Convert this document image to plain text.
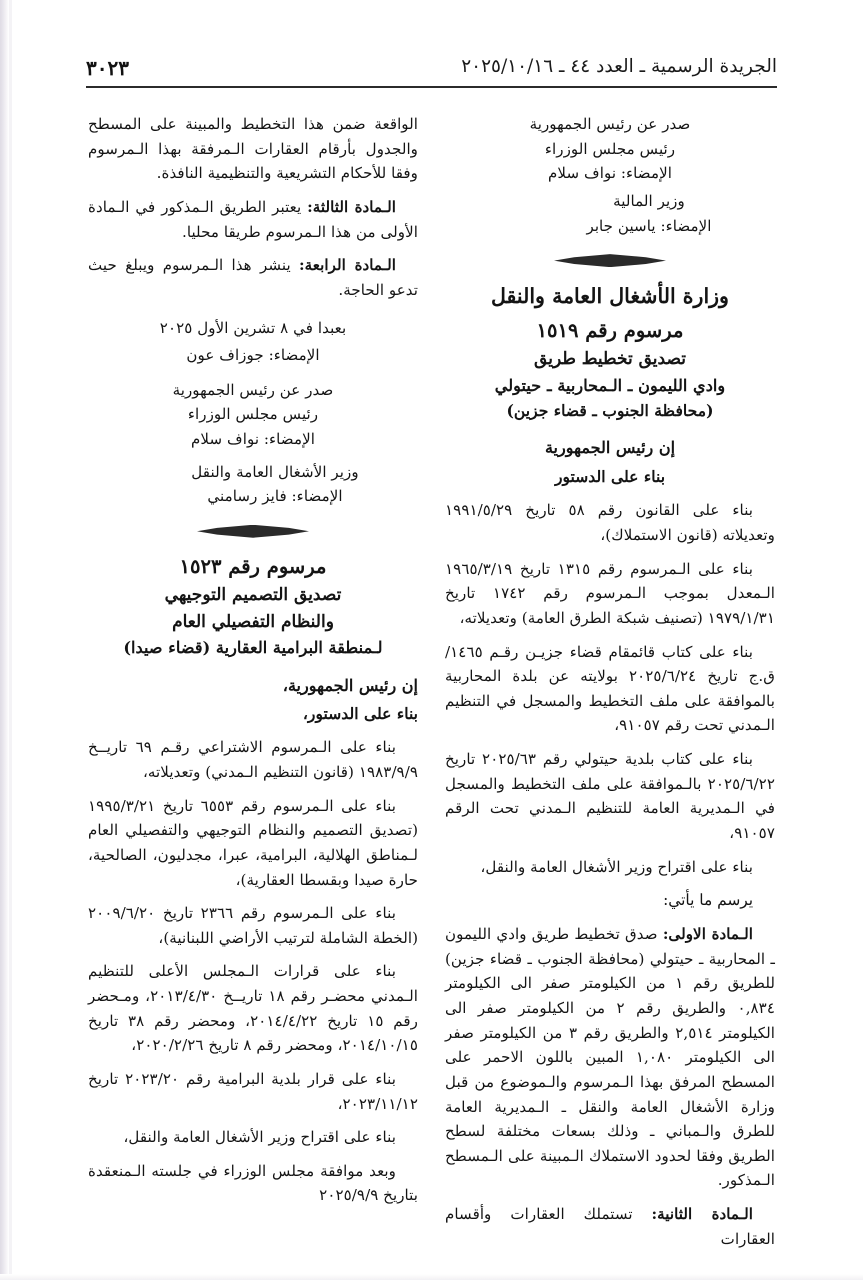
الجريدة الرسمية ـ العدد ٤٤ ـ ٢٠٢٥/١٠/١٦
٣٠٢٣

صدر عن رئيس الجمهورية

رئيس مجلس الوزراء

الإمضاء: نواف سلام

وزير المالية

الإمضاء: ياسين جابر

وزارة الأشغال العامة والنقل
مرسوم رقم ١٥١٩
تصديق تخطيط طريق
وادي الليمون ـ الـمحاربية ـ حيتولي
(محافظة الجنوب ـ قضاء جزين)
إن رئيس الجمهورية
بناء على الدستور

بناء على القانون رقم ٥٨ تاريخ ١٩٩١/٥/٢٩ وتعديلاته (قانون الاستملاك)،

بناء على الـمرسوم رقم ١٣١٥ تاريخ ١٩٦٥/٣/١٩ الـمعدل بموجب الـمرسوم رقم ١٧٤٢ تاريخ ١٩٧٩/١/٣١ (تصنيف شبكة الطرق العامة) وتعديلاته،

بناء على كتاب قائمقام قضاء جزيـن رقـم ١٤٦٥/ق.ج تاريخ ٢٠٢٥/٦/٢٤ بولايته عن بلدة المحاربية بالموافقة على ملف التخطيط والمسجل في التنظيم الـمدني تحت رقم ٩١٠٥٧،

بناء على كتاب بلدية حيتولي رقم ٢٠٢٥/٦٣ تاريخ ٢٠٢٥/٦/٢٢ بالـموافقة على ملف التخطيط والمسجل في الـمديرية العامة للتنظيم الـمدني تحت الرقم ٩١٠٥٧،

بناء على اقتراح وزير الأشغال العامة والنقل،

يرسم ما يأتي:

الـمادة الاولى: صدق تخطيط طريق وادي الليمون ـ المحاربية ـ حيتولي (محافظة الجنوب ـ قضاء جزين) للطريق رقم ١ من الكيلومتر صفر الى الكيلومتر ٠,٨٣٤ والطريق رقم ٢ من الكيلومتر صفر الى الكيلومتر ٢,٥١٤ والطريق رقم ٣ من الكيلومتر صفر الى الكيلومتر ١,٠٨٠ المبين باللون الاحمر على المسطح المرفق بهذا الـمرسوم والـموضوع من قبل وزارة الأشغال العامة والنقل ـ الـمديرية العامة للطرق والـمباني ـ وذلك بسعات مختلفة لسطح الطريق وفقا لحدود الاستملاك الـمبينة على الـمسطح الـمذكور.

الـمادة الثانية: تستملك العقارات وأقسام العقارات

الواقعة ضمن هذا التخطيط والمبينة على المسطح والجدول بأرقام العقارات الـمرفقة بهذا الـمرسوم وفقا للأحكام التشريعية والتنظيمية النافذة.

الـمادة الثالثة: يعتبر الطريق الـمذكور في الـمادة الأولى من هذا الـمرسوم طريقا محليا.

الـمادة الرابعة: ينشر هذا الـمرسوم ويبلغ حيث تدعو الحاجة.

بعبدا في ٨ تشرين الأول ٢٠٢٥

الإمضاء: جوزاف عون

صدر عن رئيس الجمهورية

رئيس مجلس الوزراء

الإمضاء: نواف سلام

وزير الأشغال العامة والنقل

الإمضاء: فايز رسامني

مرسوم رقم ١٥٢٣
تصديق التصميم التوجيهي
والنظام التفصيلي العام
لـمنطقة البرامية العقارية (قضاء صيدا)
إن رئيس الجمهورية،
بناء على الدستور،

بناء على الـمرسوم الاشتراعي رقـم ٦٩ تاريــخ ١٩٨٣/٩/٩ (قانون التنظيم الـمدني) وتعديلاته،

بناء على الـمرسوم رقم ٦٥٥٣ تاريخ ١٩٩٥/٣/٢١ (تصديق التصميم والنظام التوجيهي والتفصيلي العام لـمناطق الهلالية، البرامية، عبرا، مجدليون، الصالحية، حارة صيدا وبقسطا العقارية)،

بناء على الـمرسوم رقم ٢٣٦٦ تاريخ ٢٠٠٩/٦/٢٠ (الخطة الشاملة لترتيب الأراضي اللبنانية)،

بناء على قرارات الـمجلس الأعلى للتنظيم الـمدني محضـر رقم ١٨ تاريــخ ٢٠١٣/٤/٣٠، ومـحضر رقم ١٥ تاريخ ٢٠١٤/٤/٢٢، ومحضر رقم ٣٨ تاريخ ٢٠١٤/١٠/١٥، ومحضر رقم ٨ تاريخ ٢٠٢٠/٢/٢٦،

بناء على قرار بلدية البرامية رقم ٢٠٢٣/٢٠ تاريخ ٢٠٢٣/١١/١٢،

بناء على اقتراح وزير الأشغال العامة والنقل،

وبعد موافقة مجلس الوزراء في جلسته الـمنعقدة بتاريخ ٢٠٢٥/٩/٩
